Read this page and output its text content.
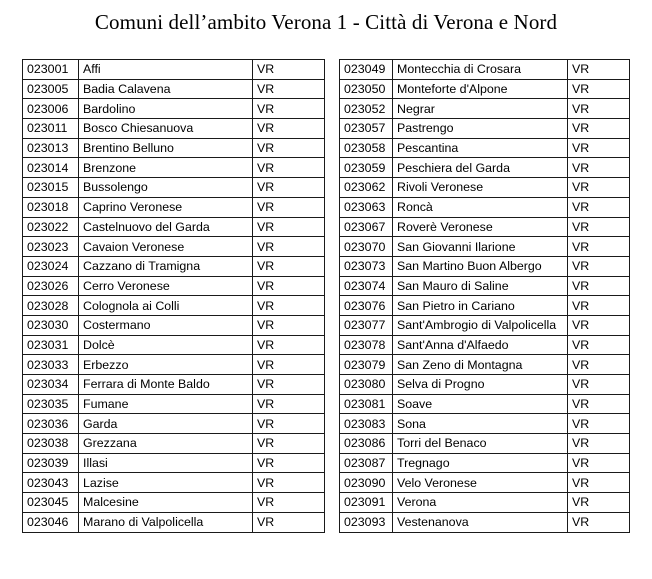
Comuni dell’ambito Verona 1 - Città di Verona e Nord
023001	Affi	VR
023005	Badia Calavena	VR
023006	Bardolino	VR
023011	Bosco Chiesanuova	VR
023013	Brentino Belluno	VR
023014	Brenzone	VR
023015	Bussolengo	VR
023018	Caprino Veronese	VR
023022	Castelnuovo del Garda	VR
023023	Cavaion Veronese	VR
023024	Cazzano di Tramigna	VR
023026	Cerro Veronese	VR
023028	Colognola ai Colli	VR
023030	Costermano	VR
023031	Dolcè	VR
023033	Erbezzo	VR
023034	Ferrara di Monte Baldo	VR
023035	Fumane	VR
023036	Garda	VR
023038	Grezzana	VR
023039	Illasi	VR
023043	Lazise	VR
023045	Malcesine	VR
023046	Marano di Valpolicella	VR
023049	Montecchia di Crosara	VR
023050	Monteforte d'Alpone	VR
023052	Negrar	VR
023057	Pastrengo	VR
023058	Pescantina	VR
023059	Peschiera del Garda	VR
023062	Rivoli Veronese	VR
023063	Roncà	VR
023067	Roverè Veronese	VR
023070	San Giovanni Ilarione	VR
023073	San Martino Buon Albergo	VR
023074	San Mauro di Saline	VR
023076	San Pietro in Cariano	VR
023077	Sant'Ambrogio di Valpolicella	VR
023078	Sant'Anna d'Alfaedo	VR
023079	San Zeno di Montagna	VR
023080	Selva di Progno	VR
023081	Soave	VR
023083	Sona	VR
023086	Torri del Benaco	VR
023087	Tregnago	VR
023090	Velo Veronese	VR
023091	Verona	VR
023093	Vestenanova	VR
